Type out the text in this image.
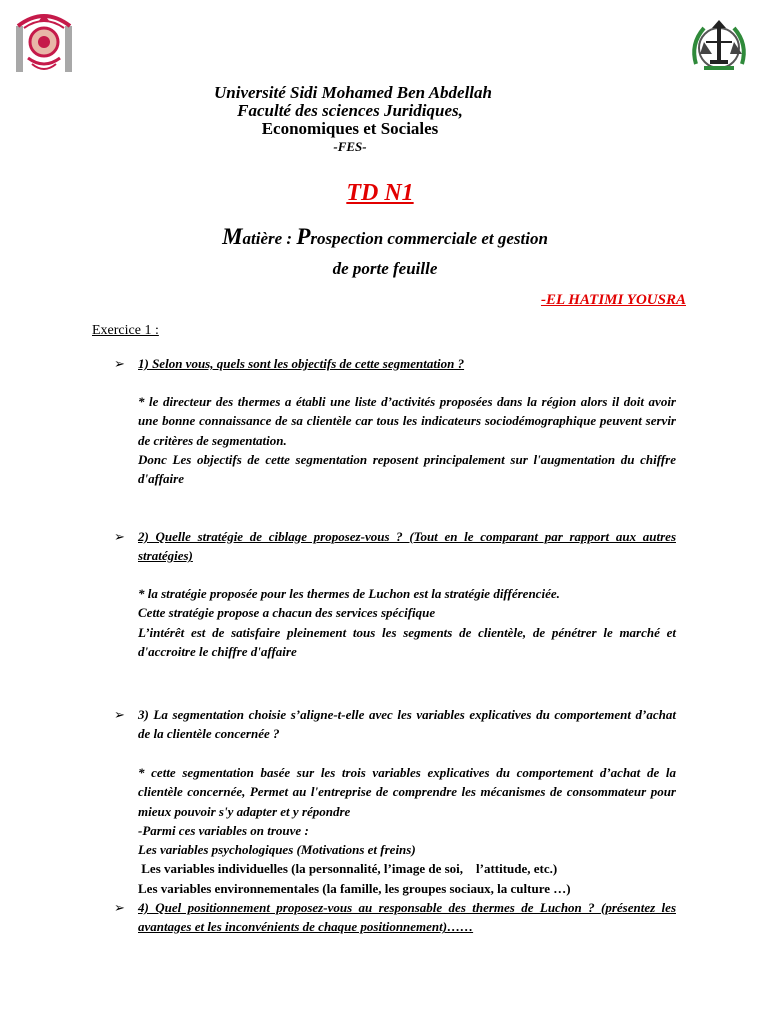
Université Sidi Mohamed Ben Abdellah
Faculté des sciences Juridiques,
Economiques et Sociales
-FES-
TD N1
Matière : Prospection commerciale et gestion
de porte feuille
-EL HATIMI YOUSRA
Exercice 1 :
➢ 1) Selon vous, quels sont les objectifs de cette segmentation ?

* le directeur des thermes a établi une liste d’activités proposées dans la région alors il doit avoir une bonne connaissance de sa clientèle car tous les indicateurs sociodémographique peuvent servir de critères de segmentation.

Donc Les objectifs de cette segmentation reposent principalement sur l'augmentation du chiffre d'affaire

➢ 2) Quelle stratégie de ciblage proposez-vous ? (Tout en le comparant par rapport aux autres stratégies)

* la stratégie proposée pour les thermes de Luchon est la stratégie différenciée.

Cette stratégie propose a chacun des services spécifique

L’intérêt est de satisfaire pleinement tous les segments de clientèle, de pénétrer le marché et d'accroitre le chiffre d'affaire

➢ 3) La segmentation choisie s’aligne-t-elle avec les variables explicatives du comportement d’achat de la clientèle concernée ?

* cette segmentation basée sur les trois variables explicatives du comportement d’achat de la clientèle concernée, Permet au l'entreprise de comprendre les mécanismes de consommateur pour mieux pouvoir s'y adapter et y répondre

-Parmi ces variables on trouve :

Les variables psychologiques (Motivations et freins)

Les variables individuelles (la personnalité, l’image de soi,    l’attitude, etc.)

Les variables environnementales (la famille, les groupes sociaux, la culture …)

➢ 4) Quel positionnement proposez-vous au responsable des thermes de Luchon ? (présentez les avantages et les inconvénients de chaque positionnement)……
